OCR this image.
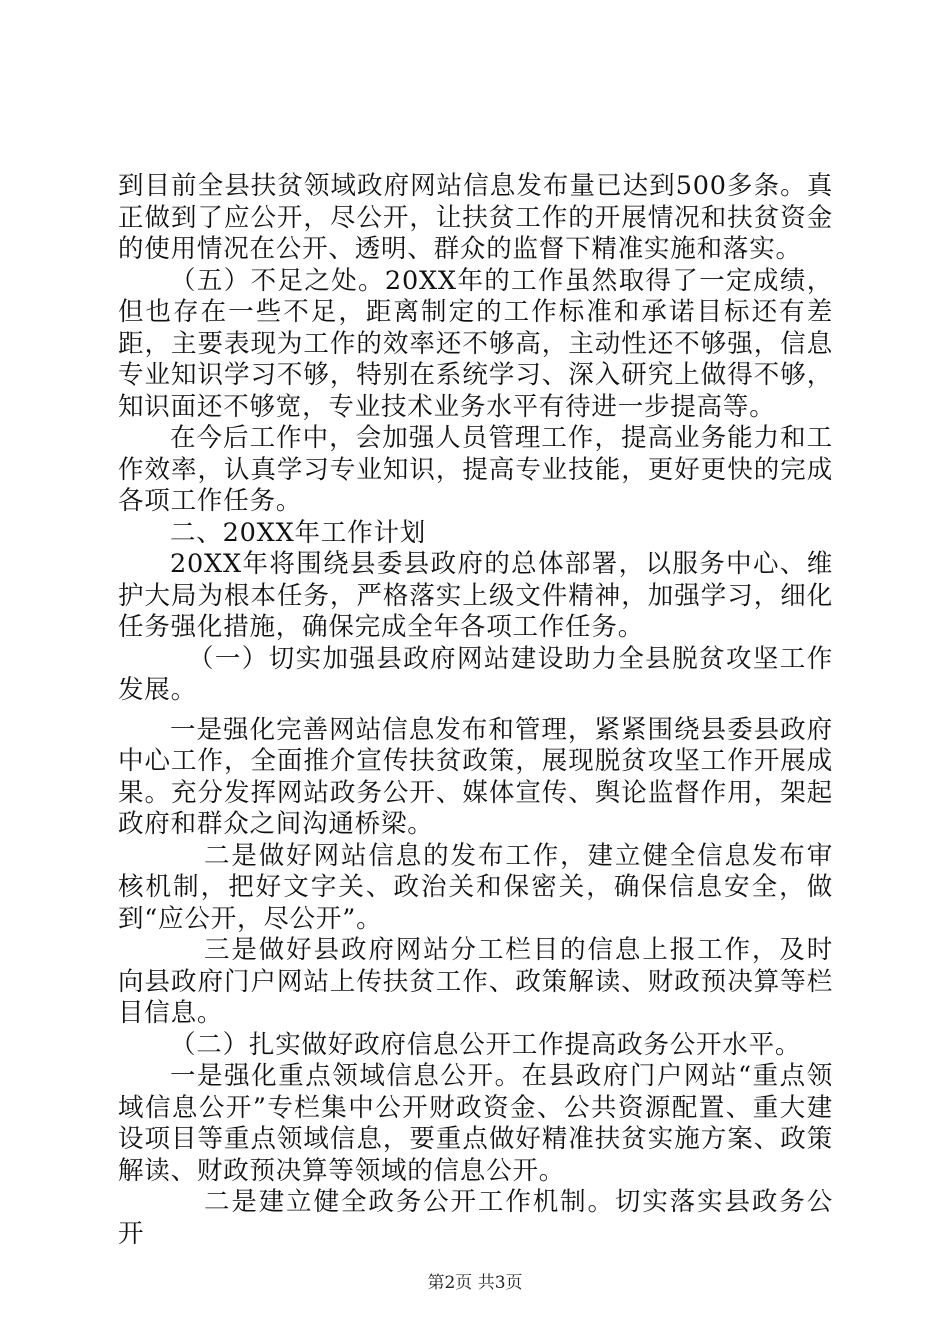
到目前全县扶贫领域政府网站信息发布量已达到500多条。真正做到了应公开，尽公开，让扶贫工作的开展情况和扶贫资金的使用情况在公开、透明、群众的监督下精准实施和落实。

（五）不足之处。20XX年的工作虽然取得了一定成绩，但也存在一些不足，距离制定的工作标准和承诺目标还有差距，主要表现为工作的效率还不够高，主动性还不够强，信息专业知识学习不够，特别在系统学习、深入研究上做得不够，知识面还不够宽，专业技术业务水平有待进一步提高等。

在今后工作中，会加强人员管理工作，提高业务能力和工作效率，认真学习专业知识，提高专业技能，更好更快的完成各项工作任务。

二、20XX年工作计划

20XX年将围绕县委县政府的总体部署，以服务中心、维护大局为根本任务，严格落实上级文件精神，加强学习，细化任务强化措施，确保完成全年各项工作任务。

（一）切实加强县政府网站建设助力全县脱贫攻坚工作发展。

一是强化完善网站信息发布和管理，紧紧围绕县委县政府中心工作，全面推介宣传扶贫政策，展现脱贫攻坚工作开展成果。充分发挥网站政务公开、媒体宣传、舆论监督作用，架起政府和群众之间沟通桥梁。

二是做好网站信息的发布工作，建立健全信息发布审核机制，把好文字关、政治关和保密关，确保信息安全，做到“应公开，尽公开”。

三是做好县政府网站分工栏目的信息上报工作，及时向县政府门户网站上传扶贫工作、政策解读、财政预决算等栏目信息。

（二）扎实做好政府信息公开工作提高政务公开水平。

一是强化重点领域信息公开。在县政府门户网站“重点领域信息公开”专栏集中公开财政资金、公共资源配置、重大建设项目等重点领域信息，要重点做好精准扶贫实施方案、政策解读、财政预决算等领域的信息公开。

二是建立健全政务公开工作机制。切实落实县政务公开

第2页 共3页
